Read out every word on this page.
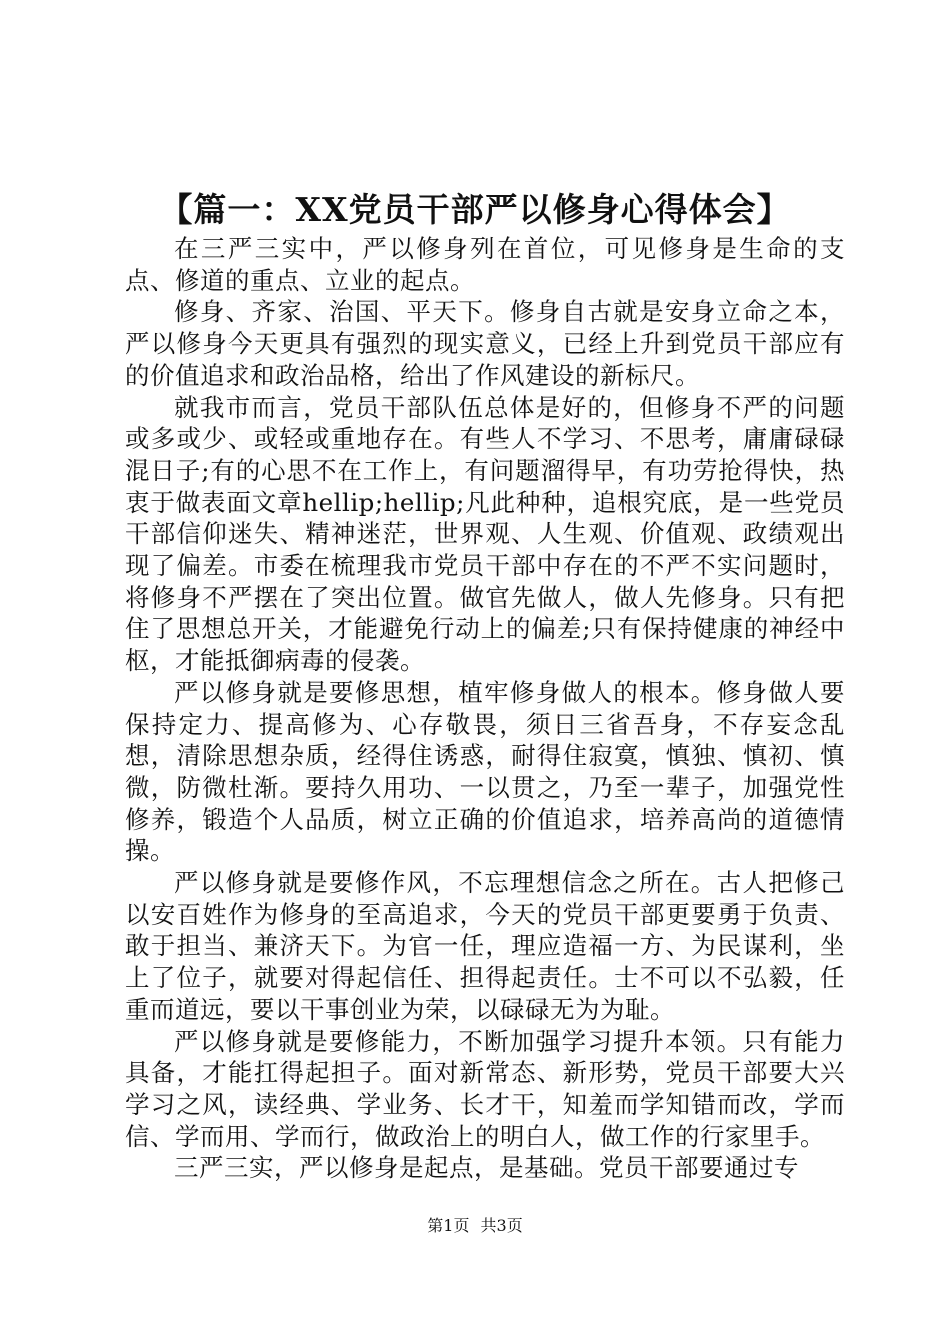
【篇一：XX党员干部严以修身心得体会】

在三严三实中，严以修身列在首位，可见修身是生命的支点、修道的重点、立业的起点。

修身、齐家、治国、平天下。修身自古就是安身立命之本，严以修身今天更具有强烈的现实意义，已经上升到党员干部应有的价值追求和政治品格，给出了作风建设的新标尺。

就我市而言，党员干部队伍总体是好的，但修身不严的问题或多或少、或轻或重地存在。有些人不学习、不思考，庸庸碌碌混日子;有的心思不在工作上，有问题溜得早，有功劳抢得快，热衷于做表面文章hellip;hellip;凡此种种，追根究底，是一些党员干部信仰迷失、精神迷茫，世界观、人生观、价值观、政绩观出现了偏差。市委在梳理我市党员干部中存在的不严不实问题时，将修身不严摆在了突出位置。做官先做人，做人先修身。只有把住了思想总开关，才能避免行动上的偏差;只有保持健康的神经中枢，才能抵御病毒的侵袭。

严以修身就是要修思想，植牢修身做人的根本。修身做人要保持定力、提高修为、心存敬畏，须日三省吾身，不存妄念乱想，清除思想杂质，经得住诱惑，耐得住寂寞，慎独、慎初、慎微，防微杜渐。要持久用功、一以贯之，乃至一辈子，加强党性修养，锻造个人品质，树立正确的价值追求，培养高尚的道德情操。

严以修身就是要修作风，不忘理想信念之所在。古人把修己以安百姓作为修身的至高追求，今天的党员干部更要勇于负责、敢于担当、兼济天下。为官一任，理应造福一方、为民谋利，坐上了位子，就要对得起信任、担得起责任。士不可以不弘毅，任重而道远，要以干事创业为荣，以碌碌无为为耻。

严以修身就是要修能力，不断加强学习提升本领。只有能力具备，才能扛得起担子。面对新常态、新形势，党员干部要大兴学习之风，读经典、学业务、长才干，知羞而学知错而改，学而信、学而用、学而行，做政治上的明白人，做工作的行家里手。

三严三实，严以修身是起点，是基础。党员干部要通过专

第1页 共3页
